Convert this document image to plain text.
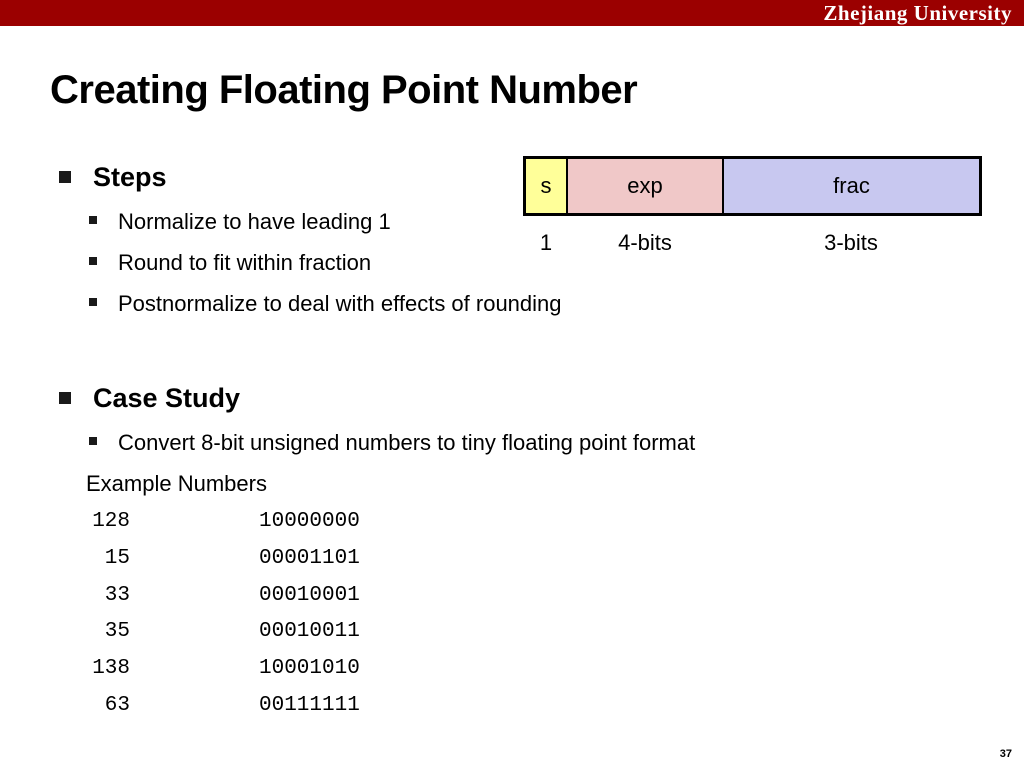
Zhejiang University
Creating Floating Point Number
Steps
Normalize to have leading 1
Round to fit within fraction
Postnormalize to deal with effects of rounding
s	exp	frac
1	4-bits	3-bits
Case Study
Convert 8-bit unsigned numbers to tiny floating point format
Example Numbers
128	10000000
15	00001101
33	00010001
35	00010011
138	10001010
63	00111111
37
